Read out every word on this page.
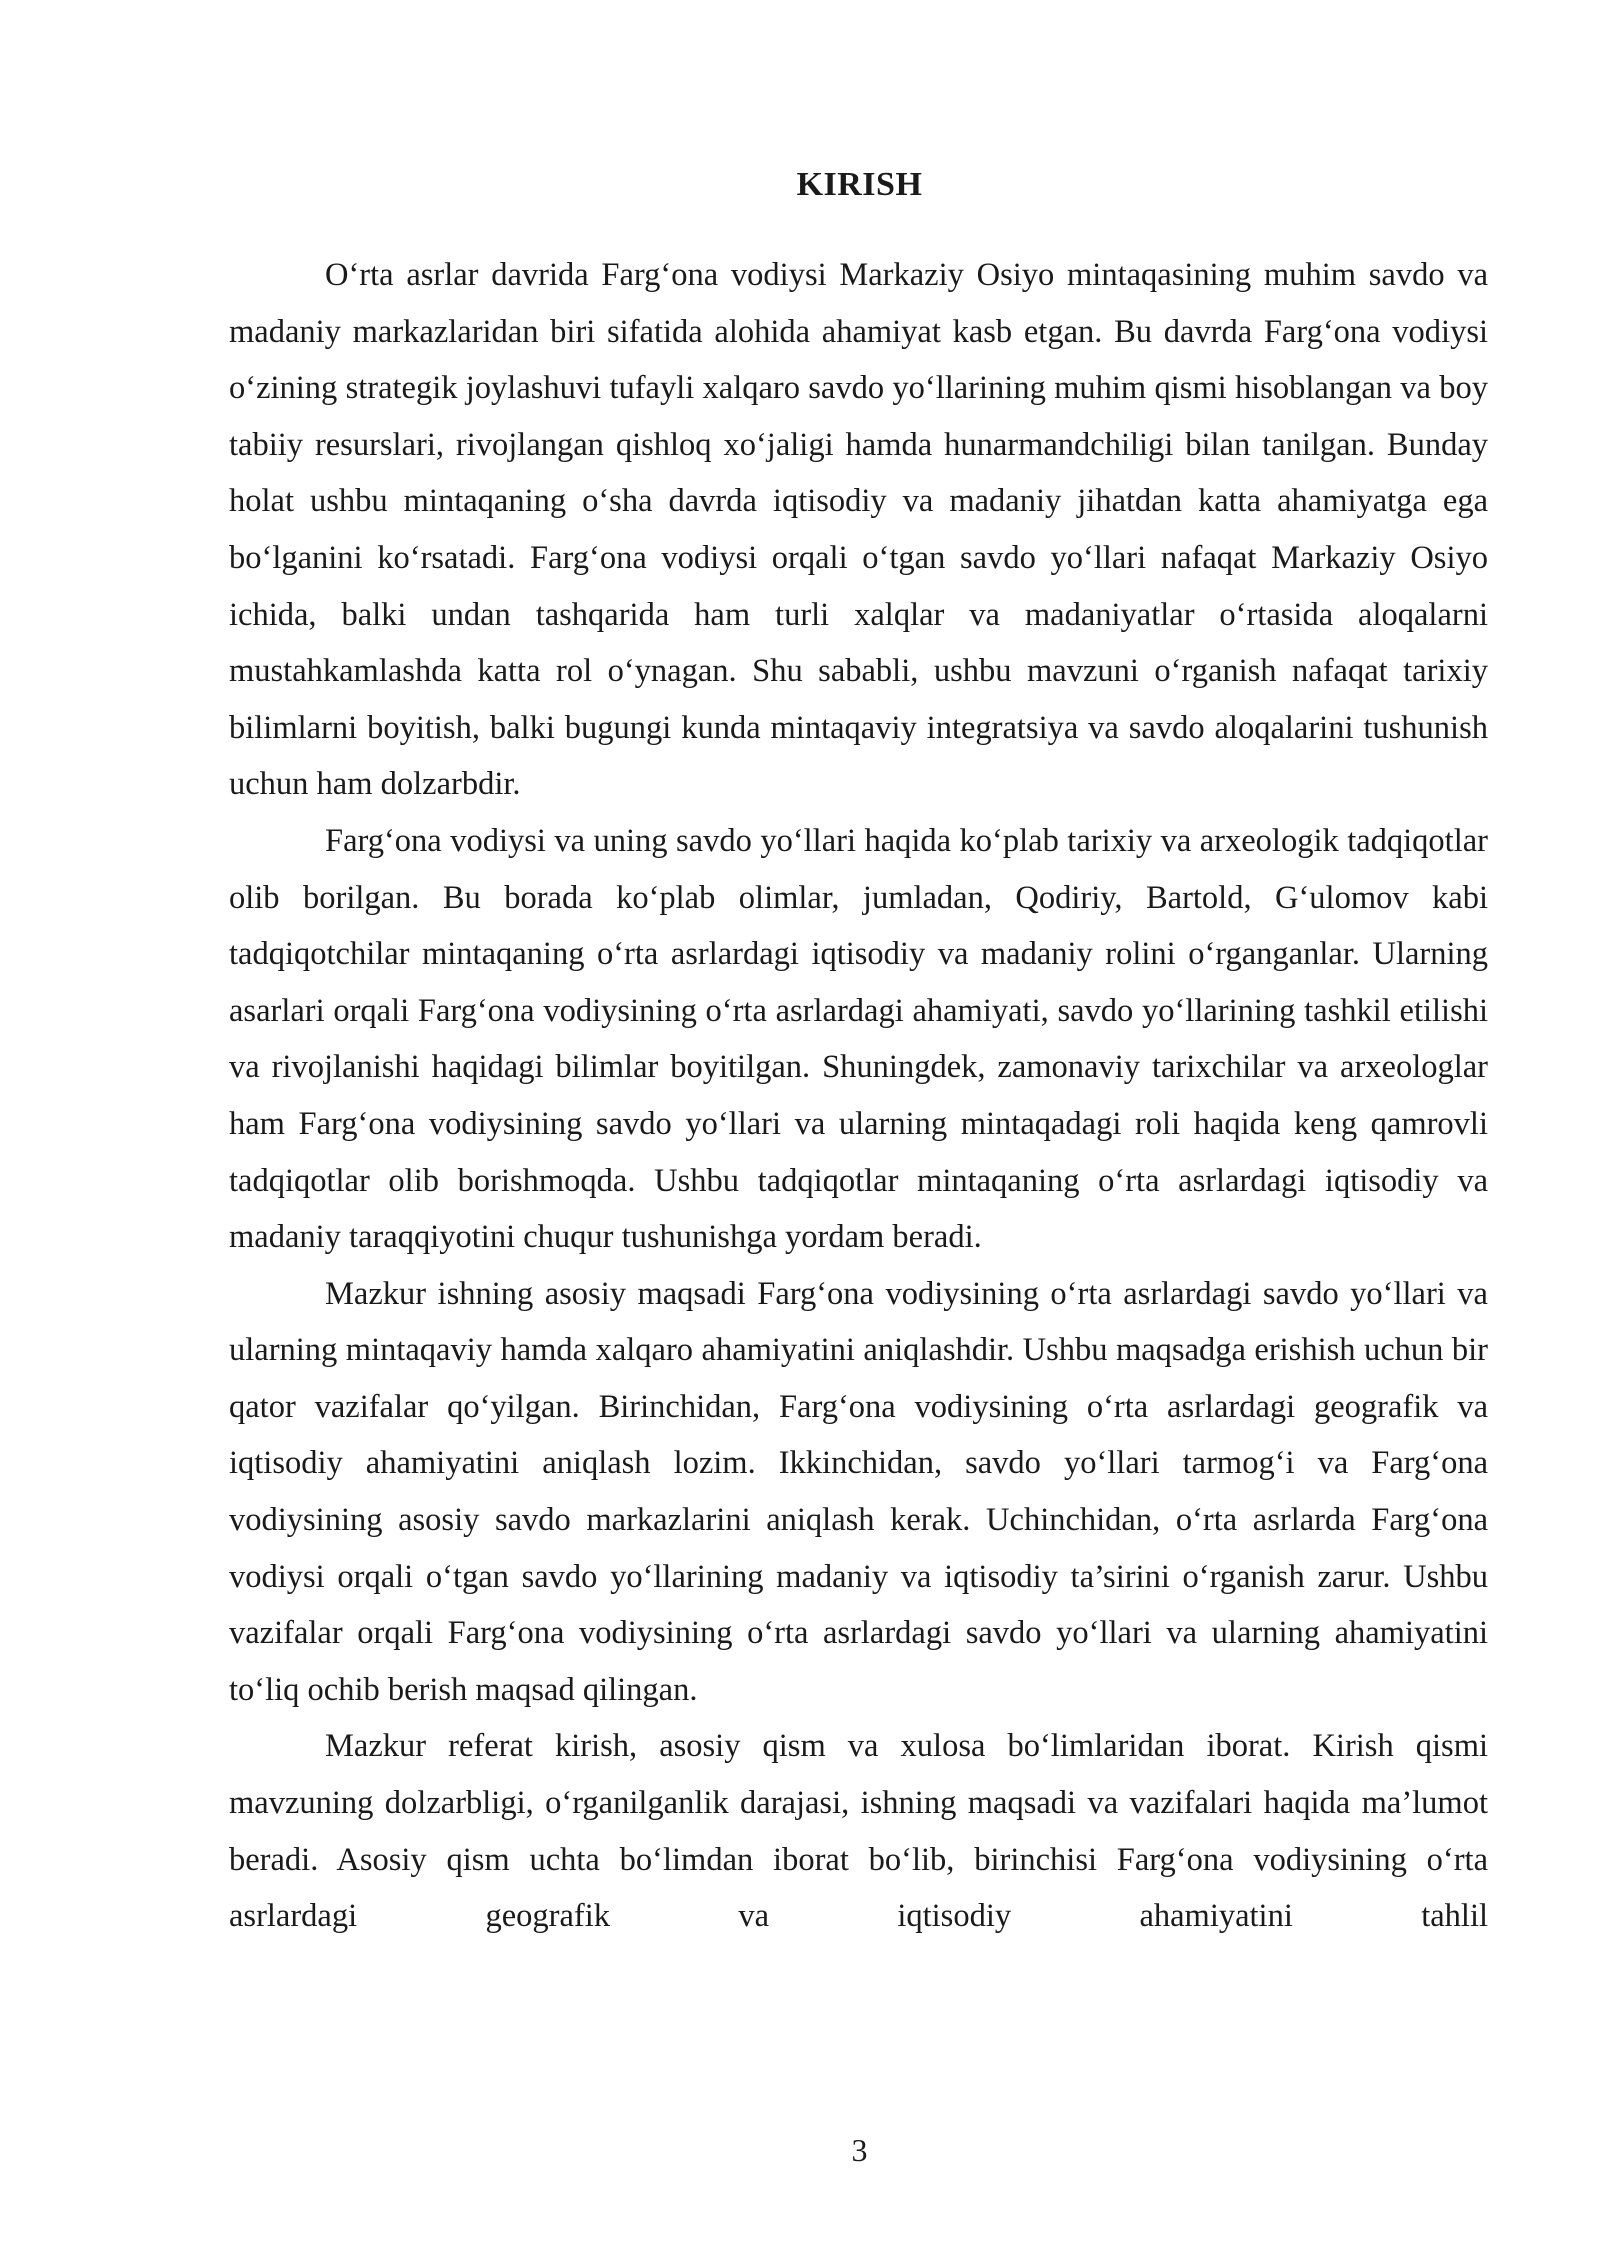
KIRISH

O‘rta asrlar davrida Farg‘ona vodiysi Markaziy Osiyo mintaqasining muhim savdo va madaniy markazlaridan biri sifatida alohida ahamiyat kasb etgan. Bu davrda Farg‘ona vodiysi o‘zining strategik joylashuvi tufayli xalqaro savdo yo‘llarining muhim qismi hisoblangan va boy tabiiy resurslari, rivojlangan qishloq xo‘jaligi hamda hunarmandchiligi bilan tanilgan. Bunday holat ushbu mintaqaning o‘sha davrda iqtisodiy va madaniy jihatdan katta ahamiyatga ega bo‘lganini ko‘rsatadi. Farg‘ona vodiysi orqali o‘tgan savdo yo‘llari nafaqat Markaziy Osiyo ichida, balki undan tashqarida ham turli xalqlar va madaniyatlar o‘rtasida aloqalarni mustahkamlashda katta rol o‘ynagan. Shu sababli, ushbu mavzuni o‘rganish nafaqat tarixiy bilimlarni boyitish, balki bugungi kunda mintaqaviy integratsiya va savdo aloqalarini tushunish uchun ham dolzarbdir.

Farg‘ona vodiysi va uning savdo yo‘llari haqida ko‘plab tarixiy va arxeologik tadqiqotlar olib borilgan. Bu borada ko‘plab olimlar, jumladan, Qodiriy, Bartold, G‘ulomov kabi tadqiqotchilar mintaqaning o‘rta asrlardagi iqtisodiy va madaniy rolini o‘rganganlar. Ularning asarlari orqali Farg‘ona vodiysining o‘rta asrlardagi ahamiyati, savdo yo‘llarining tashkil etilishi va rivojlanishi haqidagi bilimlar boyitilgan. Shuningdek, zamonaviy tarixchilar va arxeologlar ham Farg‘ona vodiysining savdo yo‘llari va ularning mintaqadagi roli haqida keng qamrovli tadqiqotlar olib borishmoqda. Ushbu tadqiqotlar mintaqaning o‘rta asrlardagi iqtisodiy va madaniy taraqqiyotini chuqur tushunishga yordam beradi.

Mazkur ishning asosiy maqsadi Farg‘ona vodiysining o‘rta asrlardagi savdo yo‘llari va ularning mintaqaviy hamda xalqaro ahamiyatini aniqlashdir. Ushbu maqsadga erishish uchun bir qator vazifalar qo‘yilgan. Birinchidan, Farg‘ona vodiysining o‘rta asrlardagi geografik va iqtisodiy ahamiyatini aniqlash lozim. Ikkinchidan, savdo yo‘llari tarmog‘i va Farg‘ona vodiysining asosiy savdo markazlarini aniqlash kerak. Uchinchidan, o‘rta asrlarda Farg‘ona vodiysi orqali o‘tgan savdo yo‘llarining madaniy va iqtisodiy ta’sirini o‘rganish zarur. Ushbu vazifalar orqali Farg‘ona vodiysining o‘rta asrlardagi savdo yo‘llari va ularning ahamiyatini to‘liq ochib berish maqsad qilingan.

Mazkur referat kirish, asosiy qism va xulosa bo‘limlaridan iborat. Kirish qismi mavzuning dolzarbligi, o‘rganilganlik darajasi, ishning maqsadi va vazifalari haqida ma’lumot beradi. Asosiy qism uchta bo‘limdan iborat bo‘lib, birinchisi Farg‘ona vodiysining o‘rta asrlardagi geografik va iqtisodiy ahamiyatini tahlil

3
